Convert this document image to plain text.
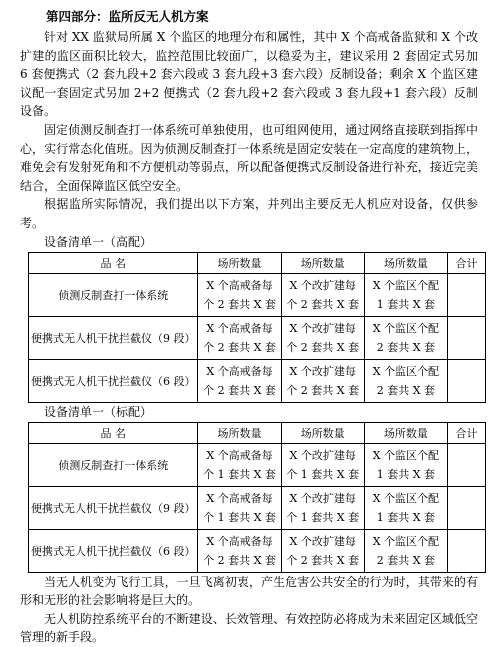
第四部分：监所反无人机方案

针对 XX 监狱局所属 X 个监区的地理分布和属性，其中 X 个高戒备监狱和 X 个改扩建的监区面积比较大，监控范围比较面广，以稳妥为主，建议采用 2 套固定式另加 6 套便携式（2 套九段+2 套六段或 3 套九段+3 套六段）反制设备；剩余 X 个监区建议配一套固定式另加 2+2 便携式（2 套九段+2 套六段或 3 套九段+1 套六段）反制设备。

固定侦测反制查打一体系统可单独使用，也可组网使用，通过网络直接联到指挥中心，实行常态化值班。因为侦测反制查打一体系统是固定安装在一定高度的建筑物上，难免会有发射死角和不方便机动等弱点，所以配备便携式反制设备进行补充，接近完美结合，全面保障监区低空安全。

根据监所实际情况，我们提出以下方案，并列出主要反无人机应对设备，仅供参考。

设备清单一（高配）
品 名	场所数量	场所数量	场所数量	合计
侦测反制查打一体系统	X 个高戒备每
个 2 套共 X 套	X 个改扩建每
个 2 套共 X 套	X 个监区个配
1 套共 X 套	

便携式无人机干扰拦截仪（9 段）	X 个高戒备每
个 2 套共 X 套	X 个改扩建每
个 2 套共 X 套	X 个监区个配
2 套共 X 套	

便携式无人机干扰拦截仪（6 段）	X 个高戒备每
个 2 套共 X 套	X 个改扩建每
个 2 套共 X 套	X 个监区个配
2 套共 X 套	

设备清单一（标配）
品 名	场所数量	场所数量	场所数量	合计
侦测反制查打一体系统	X 个高戒备每
个 1 套共 X 套	X 个改扩建每
个 1 套共 X 套	X 个监区个配
1 套共 X 套	

便携式无人机干扰拦截仪（9 段）	X 个高戒备每
个 1 套共 X 套	X 个改扩建每
个 1 套共 X 套	X 个监区个配
1 套共 X 套	

便携式无人机干扰拦截仪（6 段）	X 个高戒备每
个 2 套共 X 套	X 个改扩建每
个 2 套共 X 套	X 个监区个配
2 套共 X 套	

当无人机变为飞行工具，一旦飞离初衷，产生危害公共安全的行为时，其带来的有形和无形的社会影响将是巨大的。

无人机防控系统平台的不断建设、长效管理、有效控防必将成为未来固定区域低空管理的新手段。
